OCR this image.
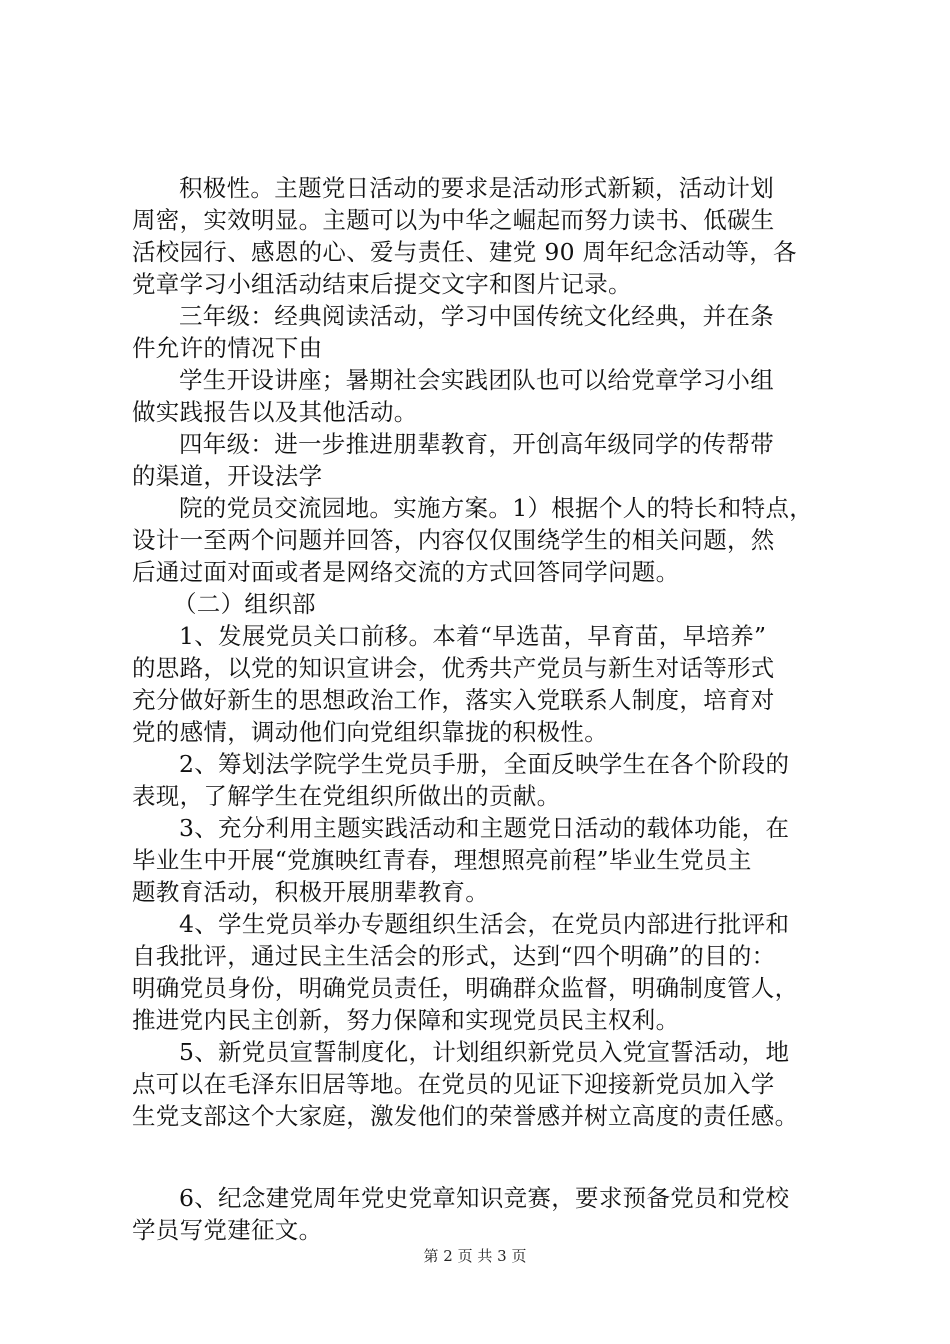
积极性。主题党日活动的要求是活动形式新颖，活动计划
周密，实效明显。主题可以为中华之崛起而努力读书、低碳生
活校园行、感恩的心、爱与责任、建党 90 周年纪念活动等，各
党章学习小组活动结束后提交文字和图片记录。
三年级：经典阅读活动，学习中国传统文化经典，并在条
件允许的情况下由
学生开设讲座；暑期社会实践团队也可以给党章学习小组
做实践报告以及其他活动。
四年级：进一步推进朋辈教育，开创高年级同学的传帮带
的渠道，开设法学
院的党员交流园地。实施方案。1）根据个人的特长和特点，
设计一至两个问题并回答，内容仅仅围绕学生的相关问题，然
后通过面对面或者是网络交流的方式回答同学问题。
（二）组织部
1、发展党员关口前移。本着“早选苗，早育苗，早培养”
的思路，以党的知识宣讲会，优秀共产党员与新生对话等形式
充分做好新生的思想政治工作，落实入党联系人制度，培育对
党的感情，调动他们向党组织靠拢的积极性。
2、筹划法学院学生党员手册，全面反映学生在各个阶段的
表现，了解学生在党组织所做出的贡献。
3、充分利用主题实践活动和主题党日活动的载体功能，在
毕业生中开展“党旗映红青春，理想照亮前程”毕业生党员主
题教育活动，积极开展朋辈教育。
4、学生党员举办专题组织生活会，在党员内部进行批评和
自我批评，通过民主生活会的形式，达到“四个明确”的目的：
明确党员身份，明确党员责任，明确群众监督，明确制度管人，
推进党内民主创新，努力保障和实现党员民主权利。
5、新党员宣誓制度化，计划组织新党员入党宣誓活动，地
点可以在毛泽东旧居等地。在党员的见证下迎接新党员加入学
生党支部这个大家庭，激发他们的荣誉感并树立高度的责任感。
6、纪念建党周年党史党章知识竞赛，要求预备党员和党校
学员写党建征文。
第 2 页 共 3 页
